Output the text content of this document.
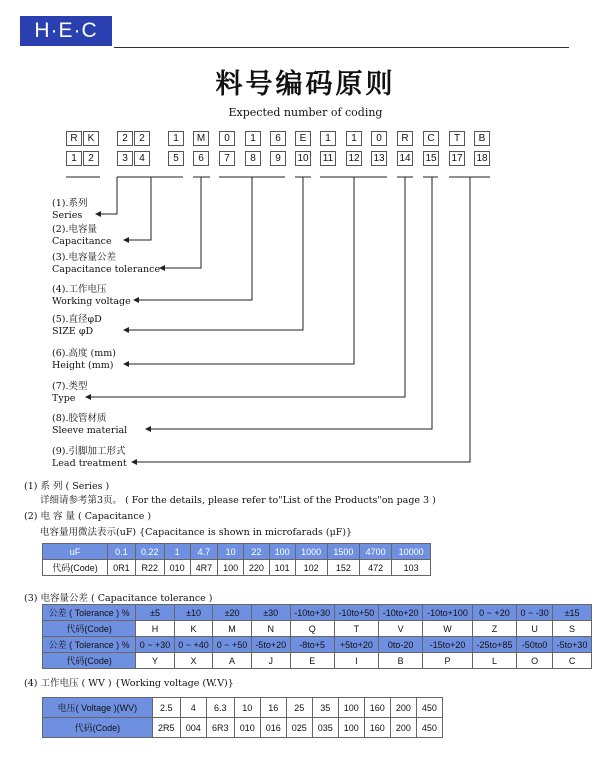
H·E·C
料号编码原则
Expected number of coding
R
1
K
2
2
3
2
4
1
5
M
6
0
7
1
8
6
9
E
10
1
11
1
12
0
13
R
14
C
15
T
17
B
18
(1).系列
Series
(2).电容量
Capacitance
(3).电容量公差
Capacitance tolerance
(4).工作电压
Working voltage
(5).直径φD
SIZE φD
(6).高度 (mm)
Height (mm)
(7).类型
Type
(8).胶管材质
Sleeve material
(9).引脚加工形式
Lead treatment
(1) 系 列 ( Series )
详细请参考第3页。 ( For the details, please refer to"List of the Products"on page 3 )
(2) 电 容 量 ( Capacitance )
电容量用微法表示(uF) {Capacitance is shown in microfarads (μF)}
uF	0.1	0.22	1	4.7	10	22	100	1000	1500	4700	10000
代码(Code)	0R1	R22	010	4R7	100	220	101	102	152	472	103
(3) 电容量公差 ( Capacitance tolerance )
公差 ( Tolerance ) %	±5	±10	±20	±30	-10to+30	-10to+50	-10to+20	-10to+100	0 ~ +20	0 ~ -30	±15
代码(Code)	H	K	M	N	Q	T	V	W	Z	U	S
公差 ( Tolerance ) %	0 ~ +30	0 ~ +40	0 ~ +50	-5to+20	-8to+5	+5to+20	0to-20	-15to+20	-25to+85	-50to0	-5to+30
代码(Code)	Y	X	A	J	E	I	B	P	L	O	C
(4) 工作电压 ( WV ) {Working voltage (W.V)}
电压( Voltage )(WV)	2.5	4	6.3	10	16	25	35	100	160	200	450
代码(Code)	2R5	004	6R3	010	016	025	035	100	160	200	450
